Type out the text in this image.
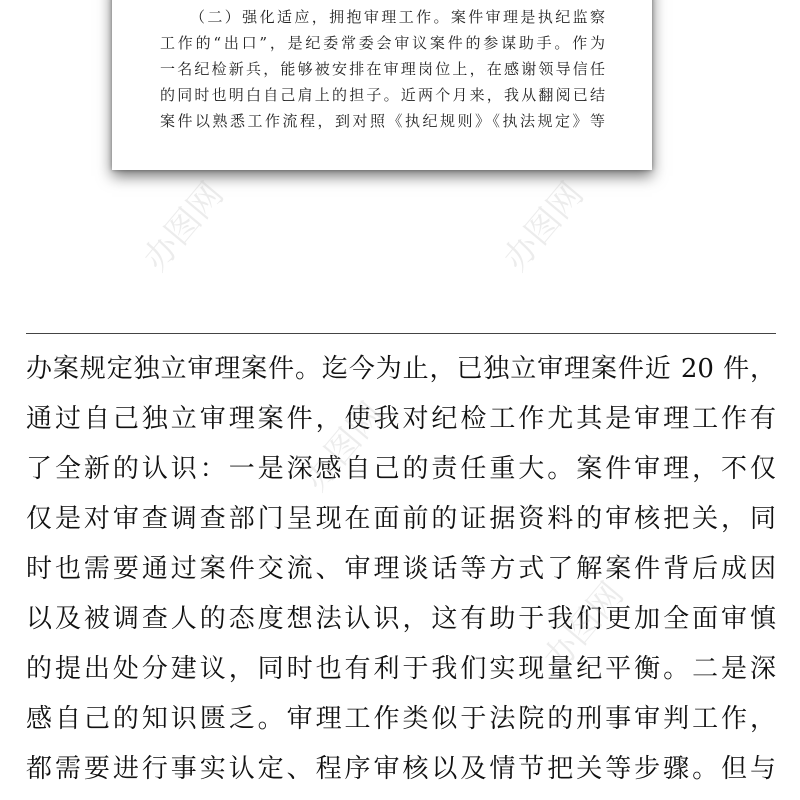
（二）强化适应，拥抱审理工作。案件审理是执纪监察
工作的“出口”，是纪委常委会审议案件的参谋助手。作为
一名纪检新兵，能够被安排在审理岗位上，在感谢领导信任
的同时也明白自己肩上的担子。近两个月来，我从翻阅已结
案件以熟悉工作流程，到对照《执纪规则》《执法规定》等
办图网	办图网
办图网
办图网
办案规定独立审理案件。迄今为止，已独立审理案件近 20 件，
通过自己独立审理案件，使我对纪检工作尤其是审理工作有
了全新的认识：一是深感自己的责任重大。案件审理，不仅
仅是对审查调查部门呈现在面前的证据资料的审核把关，同
时也需要通过案件交流、审理谈话等方式了解案件背后成因
以及被调查人的态度想法认识，这有助于我们更加全面审慎
的提出处分建议，同时也有利于我们实现量纪平衡。二是深
感自己的知识匮乏。审理工作类似于法院的刑事审判工作，
都需要进行事实认定、程序审核以及情节把关等步骤。但与
